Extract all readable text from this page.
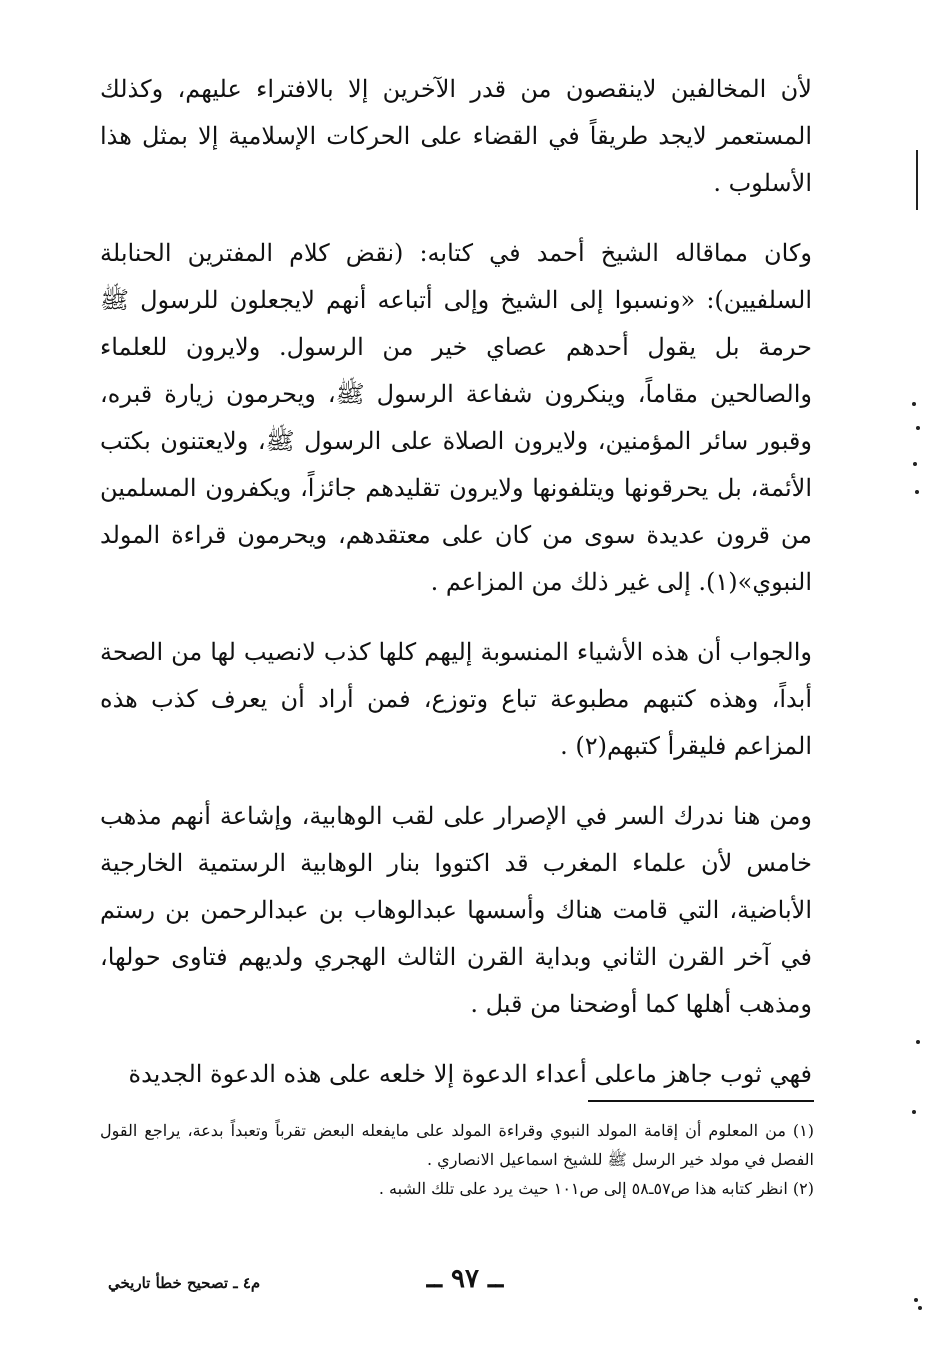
لأن المخالفين لاينقصون من قدر الآخرين إلا بالافتراء عليهم، وكذلك المستعمر لايجد طريقاً في القضاء على الحركات الإسلامية إلا بمثل هذا الأسلوب .

وكان مماقاله الشيخ أحمد في كتابه: (نقض كلام المفترين الحنابلة السلفيين): «ونسبوا إلى الشيخ وإلى أتباعه أنهم لايجعلون للرسول ﷺ حرمة بل يقول أحدهم عصاي خير من الرسول. ولايرون للعلماء والصالحين مقاماً، وينكرون شفاعة الرسول ﷺ، ويحرمون زيارة قبره، وقبور سائر المؤمنين، ولايرون الصلاة على الرسول ﷺ، ولايعتنون بكتب الأئمة، بل يحرقونها ويتلفونها ولايرون تقليدهم جائزاً، ويكفرون المسلمين من قرون عديدة سوى من كان على معتقدهم، ويحرمون قراءة المولد النبوي»(١). إلى غير ذلك من المزاعم .

والجواب أن هذه الأشياء المنسوبة إليهم كلها كذب لانصيب لها من الصحة أبداً، وهذه كتبهم مطبوعة تباع وتوزع، فمن أراد أن يعرف كذب هذه المزاعم فليقرأ كتبهم(٢) .

ومن هنا ندرك السر في الإصرار على لقب الوهابية، وإشاعة أنهم مذهب خامس لأن علماء المغرب قد اكتووا بنار الوهابية الرستمية الخارجية الأباضية، التي قامت هناك وأسسها عبدالوهاب بن عبدالرحمن بن رستم في آخر القرن الثاني وبداية القرن الثالث الهجري ولديهم فتاوى حولها، ومذهب أهلها كما أوضحنا من قبل .

فهي ثوب جاهز ماعلى أعداء الدعوة إلا خلعه على هذه الدعوة الجديدة

(١) من المعلوم أن إقامة المولد النبوي وقراءة المولد على مايفعله البعض تقرباً وتعبداً بدعة، يراجع القول الفصل في مولد خير الرسل ﷺ للشيخ اسماعيل الانصاري .

(٢) انظر كتابه هذا ص٥٧ـ٥٨ إلى ص١٠١ حيث يرد على تلك الشبه .

ــ ٩٧ ــ
م٤ ـ تصحيح خطأ تاريخي
